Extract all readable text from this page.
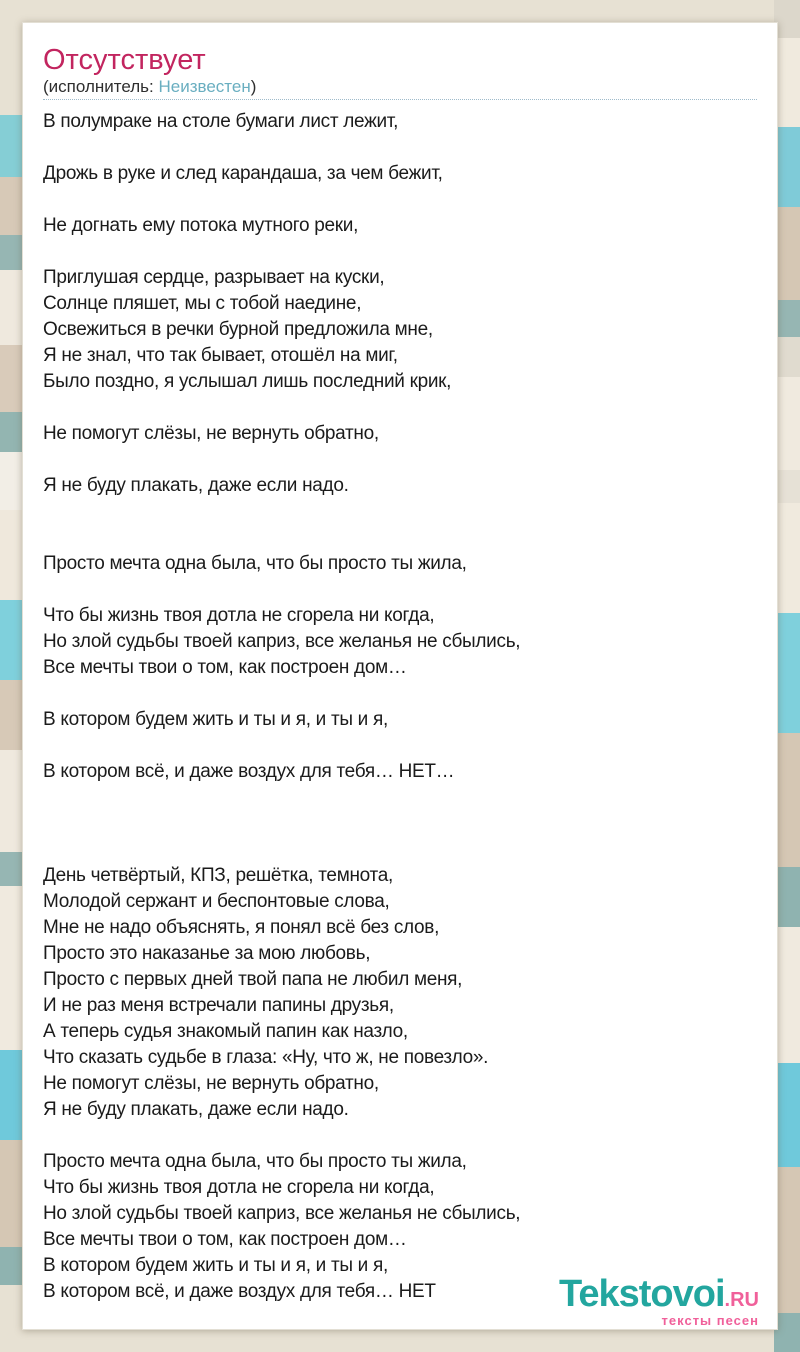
Отсутствует
(исполнитель: Неизвестен)
В полумраке на столе бумаги лист лежит,

Дрожь в руке и след карандаша, за чем бежит,

Не догнать ему потока мутного реки,

Приглушая сердце, разрывает на куски,
Солнце пляшет, мы с тобой наедине,
Освежиться в речки бурной предложила мне,
Я не знал, что так бывает, отошёл на миг,
Было поздно, я услышал лишь последний крик,

Не помогут слёзы, не вернуть обратно,

Я не буду плакать, даже если надо.

Просто мечта одна была, что бы просто ты жила,

Что бы жизнь твоя дотла не сгорела ни когда,
Но злой судьбы твоей каприз, все желанья не сбылись,
Все мечты твои о том, как построен дом…

В котором будем жить и ты и я, и ты и я,

В котором всё, и даже воздух для тебя… НЕТ…

День четвёртый, КПЗ, решётка, темнота,
Молодой сержант и беспонтовые слова,
Мне не надо объяснять, я понял всё без слов,
Просто это наказанье за мою любовь,
Просто с первых дней твой папа не любил меня,
И не раз меня встречали папины друзья,
А теперь судья знакомый папин как назло,
Что сказать судьбе в глаза: «Ну, что ж, не повезло».
Не помогут слёзы, не вернуть обратно,
Я не буду плакать, даже если надо.

Просто мечта одна была, что бы просто ты жила,
Что бы жизнь твоя дотла не сгорела ни когда,
Но злой судьбы твоей каприз, все желанья не сбылись,
Все мечты твои о том, как построен дом…
В котором будем жить и ты и я, и ты и я,
В котором всё, и даже воздух для тебя… НЕТ	Tekstovoi.RU
тексты песен
